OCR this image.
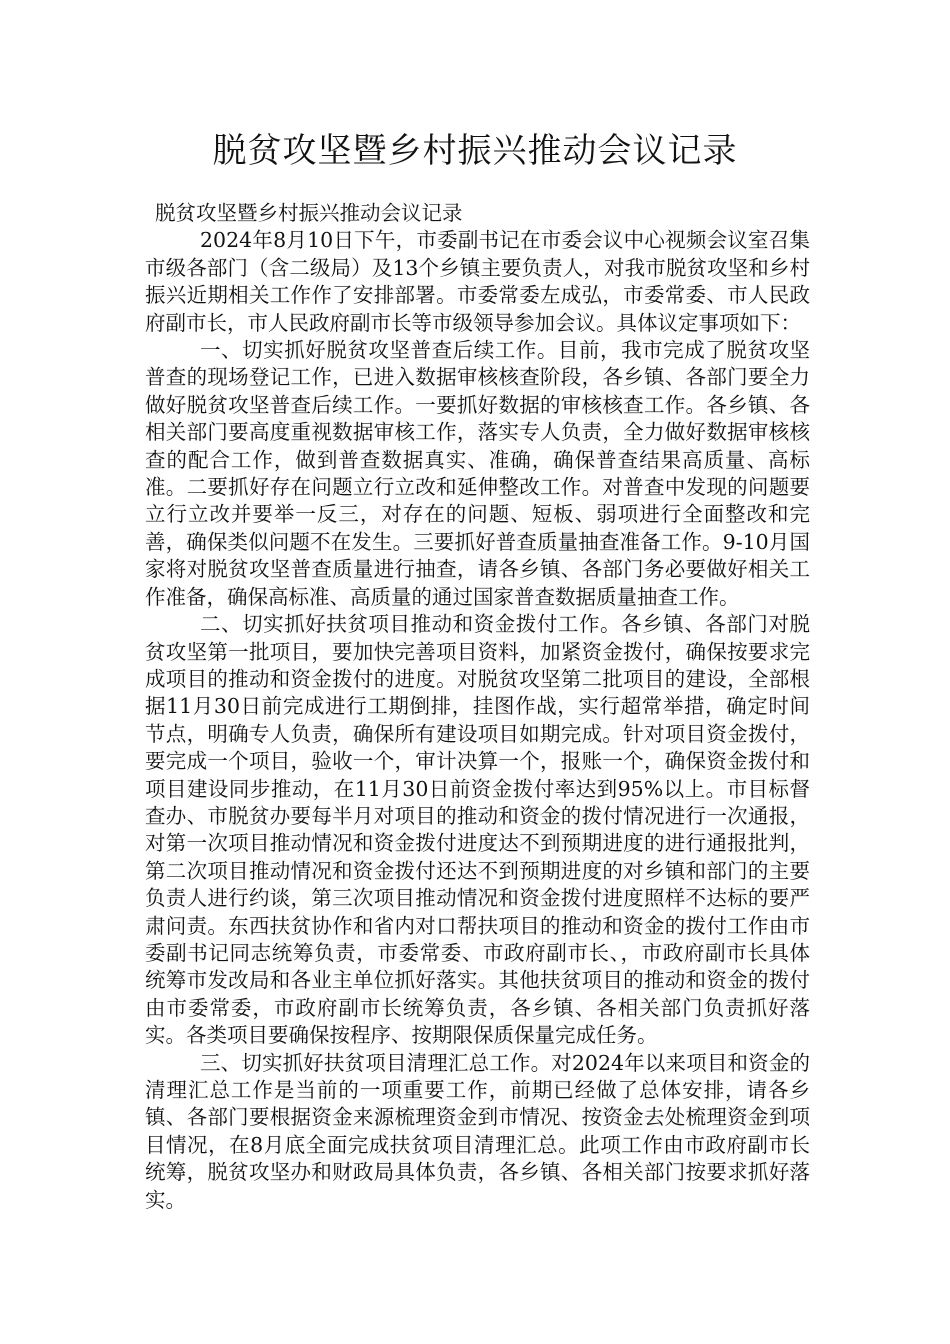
脱贫攻坚暨乡村振兴推动会议记录

脱贫攻坚暨乡村振兴推动会议记录

2024年8月10日下午，市委副书记在市委会议中心视频会议室召集市级各部门（含二级局）及13个乡镇主要负责人，对我市脱贫攻坚和乡村振兴近期相关工作作了安排部署。市委常委左成弘，市委常委、市人民政府副市长，市人民政府副市长等市级领导参加会议。具体议定事项如下：

一、切实抓好脱贫攻坚普查后续工作。目前，我市完成了脱贫攻坚普查的现场登记工作，已进入数据审核核查阶段，各乡镇、各部门要全力做好脱贫攻坚普查后续工作。一要抓好数据的审核核查工作。各乡镇、各相关部门要高度重视数据审核工作，落实专人负责，全力做好数据审核核查的配合工作，做到普查数据真实、准确，确保普查结果高质量、高标准。二要抓好存在问题立行立改和延伸整改工作。对普查中发现的问题要立行立改并要举一反三，对存在的问题、短板、弱项进行全面整改和完善，确保类似问题不在发生。三要抓好普查质量抽查准备工作。9-10月国家将对脱贫攻坚普查质量进行抽查，请各乡镇、各部门务必要做好相关工作准备，确保高标准、高质量的通过国家普查数据质量抽查工作。

二、切实抓好扶贫项目推动和资金拨付工作。各乡镇、各部门对脱贫攻坚第一批项目，要加快完善项目资料，加紧资金拨付，确保按要求完成项目的推动和资金拨付的进度。对脱贫攻坚第二批项目的建设，全部根据11月30日前完成进行工期倒排，挂图作战，实行超常举措，确定时间节点，明确专人负责，确保所有建设项目如期完成。针对项目资金拨付，要完成一个项目，验收一个，审计决算一个，报账一个，确保资金拨付和项目建设同步推动，在11月30日前资金拨付率达到95%以上。市目标督查办、市脱贫办要每半月对项目的推动和资金的拨付情况进行一次通报，对第一次项目推动情况和资金拨付进度达不到预期进度的进行通报批判，第二次项目推动情况和资金拨付还达不到预期进度的对乡镇和部门的主要负责人进行约谈，第三次项目推动情况和资金拨付进度照样不达标的要严肃问责。东西扶贫协作和省内对口帮扶项目的推动和资金的拨付工作由市委副书记同志统筹负责，市委常委、市政府副市长、，市政府副市长具体统筹市发改局和各业主单位抓好落实。其他扶贫项目的推动和资金的拨付由市委常委，市政府副市长统筹负责，各乡镇、各相关部门负责抓好落实。各类项目要确保按程序、按期限保质保量完成任务。

三、切实抓好扶贫项目清理汇总工作。对2024年以来项目和资金的清理汇总工作是当前的一项重要工作，前期已经做了总体安排，请各乡镇、各部门要根据资金来源梳理资金到市情况、按资金去处梳理资金到项目情况，在8月底全面完成扶贫项目清理汇总。此项工作由市政府副市长统筹，脱贫攻坚办和财政局具体负责，各乡镇、各相关部门按要求抓好落实。
